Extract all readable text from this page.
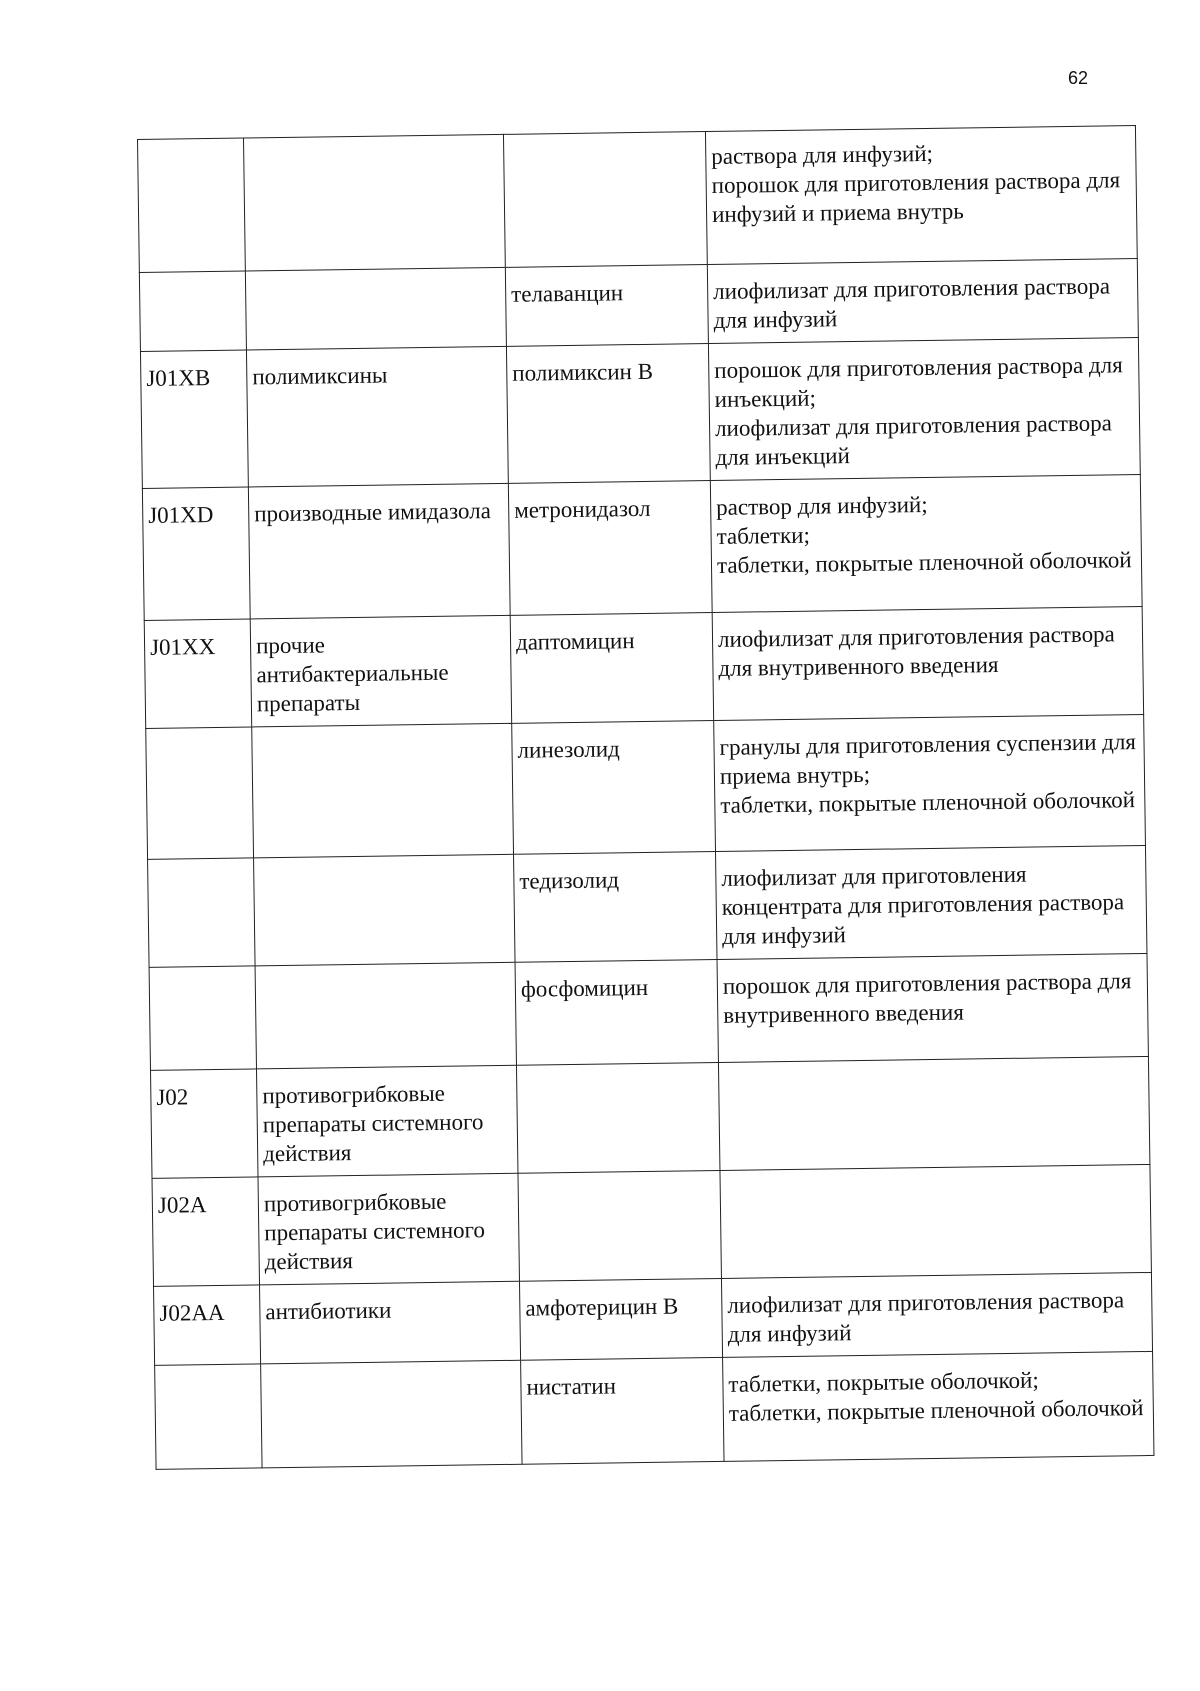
62
			раствора для инфузий;
порошок для приготовления раствора для инфузий и приема внутрь
		телаванцин	лиофилизат для приготовления раствора для инфузий
J01XB	полимиксины	полимиксин В	порошок для приготовления раствора для инъекций;
лиофилизат для приготовления раствора для инъекций
J01XD	производные имидазола	метронидазол	раствор для инфузий;
таблетки;
таблетки, покрытые пленочной оболочкой
J01XX	прочие антибактериальные препараты	даптомицин	лиофилизат для приготовления раствора для внутривенного введения
		линезолид	гранулы для приготовления суспензии для приема внутрь;
таблетки, покрытые пленочной оболочкой
		тедизолид	лиофилизат для приготовления концентрата для приготовления раствора для инфузий
		фосфомицин	порошок для приготовления раствора для внутривенного введения
J02	противогрибковые препараты системного действия		
J02A	противогрибковые препараты системного действия		
J02AA	антибиотики	амфотерицин В	лиофилизат для приготовления раствора для инфузий
		нистатин	таблетки, покрытые оболочкой;
таблетки, покрытые пленочной оболочкой
